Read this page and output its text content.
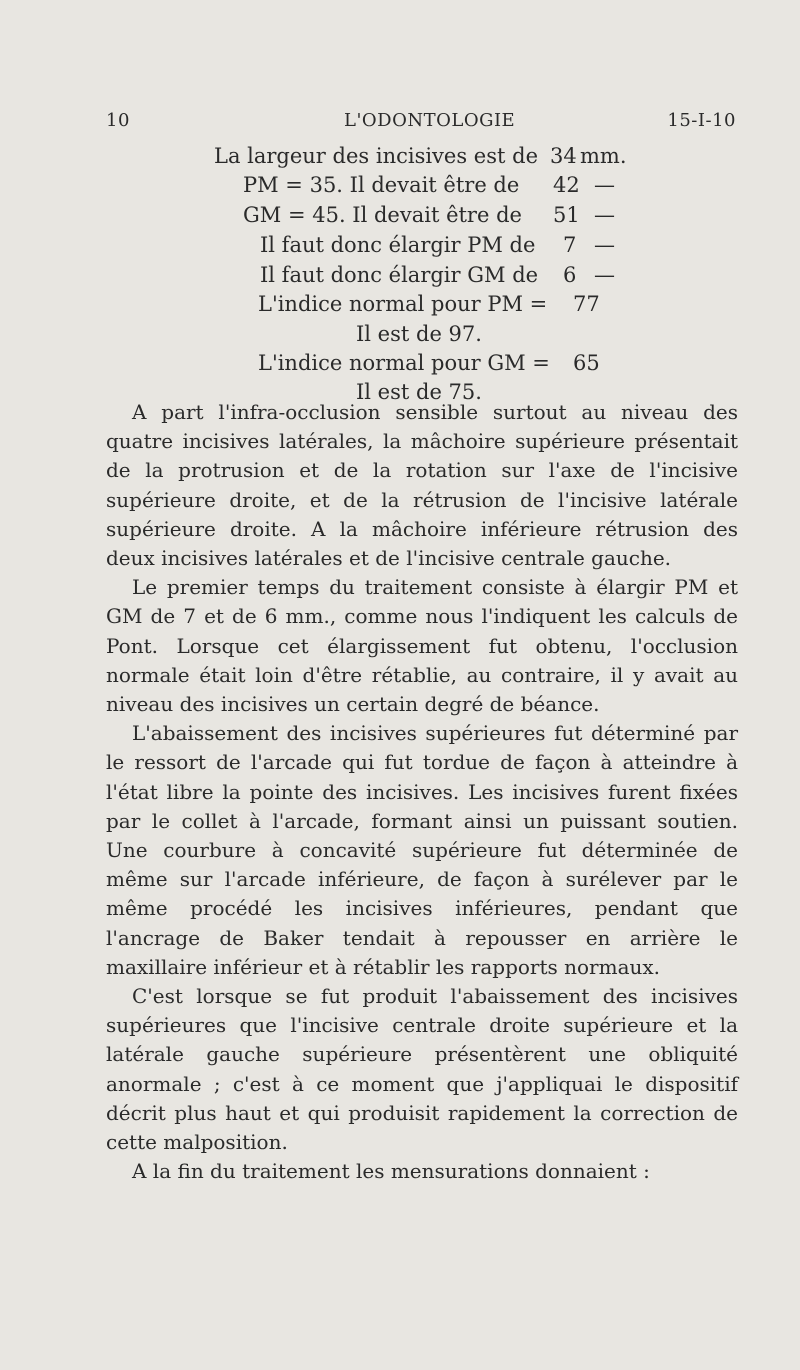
10	L'ODONTOLOGIE	15-I-10
La largeur des incisives est de 34 mm.
PM = 35. Il devait être de 42 —
GM = 45. Il devait être de 51 —
Il faut donc élargir PM de 7 —
Il faut donc élargir GM de 6 —
L'indice normal pour PM = 77
Il est de 97.
L'indice normal pour GM = 65
Il est de 75.

A part l'infra-occlusion sensible surtout au niveau des quatre incisives latérales, la mâchoire supérieure présentait de la protrusion et de la rotation sur l'axe de l'incisive supérieure droite, et de la rétrusion de l'incisive latérale supérieure droite. A la mâchoire inférieure rétrusion des deux incisives latérales et de l'incisive centrale gauche.

Le premier temps du traitement consiste à élargir PM et GM de 7 et de 6 mm., comme nous l'indiquent les calculs de Pont. Lorsque cet élargissement fut obtenu, l'occlusion normale était loin d'être rétablie, au contraire, il y avait au niveau des incisives un certain degré de béance.

L'abaissement des incisives supérieures fut déterminé par le ressort de l'arcade qui fut tordue de façon à atteindre à l'état libre la pointe des incisives. Les incisives furent fixées par le collet à l'arcade, formant ainsi un puissant soutien. Une courbure à concavité supérieure fut déterminée de même sur l'arcade inférieure, de façon à surélever par le même procédé les incisives inférieures, pendant que l'ancrage de Baker tendait à repousser en arrière le maxillaire inférieur et à rétablir les rapports normaux.

C'est lorsque se fut produit l'abaissement des incisives supérieures que l'incisive centrale droite supérieure et la latérale gauche supérieure présentèrent une obliquité anormale ; c'est à ce moment que j'appliquai le dispositif décrit plus haut et qui produisit rapidement la correction de cette malposition.

A la fin du traitement les mensurations donnaient :
